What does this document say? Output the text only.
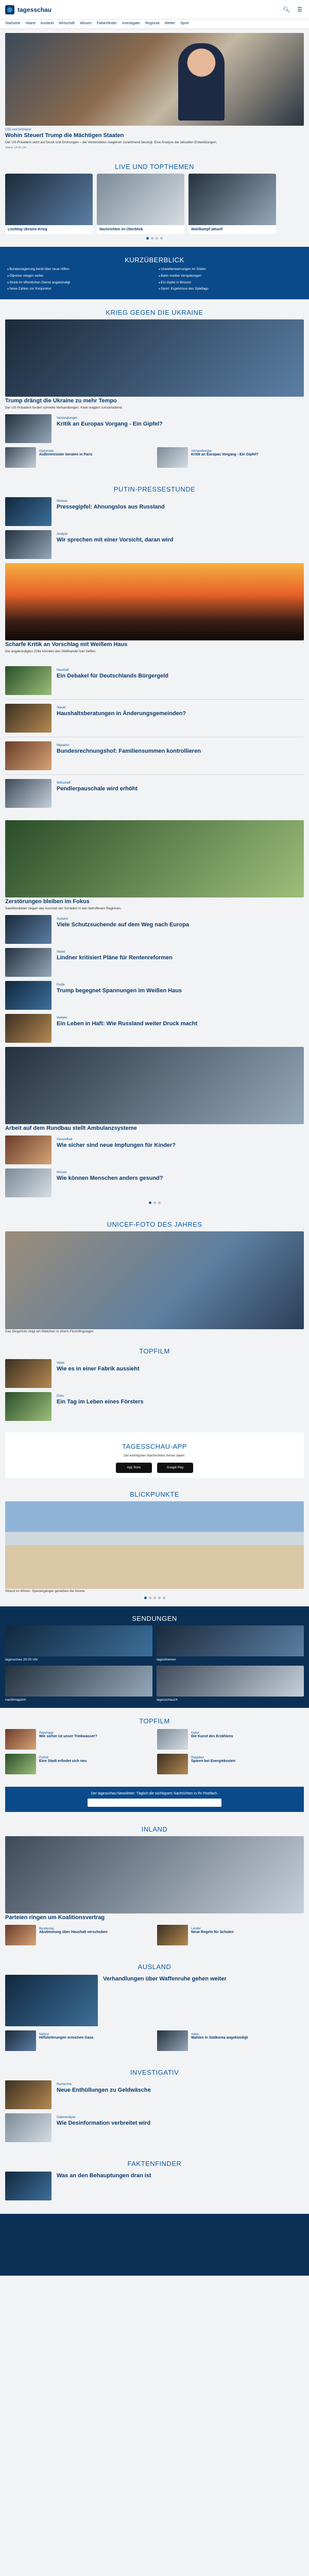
tagesschau	🔍︎ ☰
Startseite Inland Ausland Wirtschaft Wissen Faktenfinder Investigativ Regional Wetter Sport
USA und Grönland
Wohin Steuert Trump die Mächtigen Staaten
Der US-Präsident setzt auf Druck und Drohungen – die Verbündeten reagieren zunehmend besorgt. Eine Analyse der aktuellen Entwicklungen.
Stand: 14:32 Uhr
LIVE UND TOPTHEMEN
Liveblog Ukraine-Krieg	Nachrichten im Überblick	Wahlkampf aktuell
KURZÜBERBLICK
■ Bundesregierung berät über neue Hilfen
■ Ölpreise steigen weiter
■ Streik im öffentlichen Dienst angekündigt
■ Neue Zahlen zur Konjunktur
■ Unwetterwarnungen im Süden
■ Bahn meldet Verspätungen
■ EU-Gipfel in Brüssel
■ Sport: Ergebnisse des Spieltags
KRIEG GEGEN DIE UKRAINE
Trump drängt die Ukraine zu mehr Tempo
Der US-Präsident fordert schnelle Verhandlungen. Kiew reagiert zurückhaltend.
Verhandlungen
Kritik an Europas Vorgang - Ein Gipfel?
Diplomatie
Außenminister beraten in Paris
Verhandlungen
Kritik an Europas Vorgang - Ein Gipfel?
PUTIN-PRESSESTUNDE
Moskau
Pressegipfel: Ahnungslos aus Russland
Analyse
Wir sprechen mit einer Vorsicht, daran wird
Scharfe Kritik an Vorschlag mit Weißem Haus
Die angekündigten Zölle könnten den Welthandel hart treffen.
Haushalt
Ein Debakel für Deutschlands Bürgergeld
Steuer
Haushaltsberatungen in Änderungsgemeinden?
Migration
Bundesrechnungshof: Familiensummen kontrollieren
Wirtschaft
Pendlerpauschale wird erhöht
Zerstörungen bleiben im Fokus
Satellitenbilder zeigen das Ausmaß der Schäden in den betroffenen Regionen.
Ausland
Viele Schutzsuchende auf dem Weg nach Europa
Inland
Lindner kritisiert Pläne für Rentenreformen
Politik
Trump begegnet Spannungen im Weißen Haus
Verkehr
Ein Leben in Haft: Wie Russland weiter Druck macht
Arbeit auf dem Rundbau stellt Ambulanzsysteme
Gesundheit
Wie sicher sind neue Impfungen für Kinder?
Wissen
Wie können Menschen anders gesund?
UNICEF-FOTO DES JAHRES
Das Siegerfoto zeigt ein Mädchen in einem Flüchtlingslager.
TOPFILM
Video
Wie es in einer Fabrik aussieht
Doku
Ein Tag im Leben eines Försters
TAGESSCHAU-APP
Die wichtigsten Nachrichten immer dabei.
App Store	Google Play
BLICKPUNKTE
Strand im Winter: Spaziergänger genießen die Sonne.
SENDUNGEN
tagesschau 20:00 Uhr	tagesthemen
nachtmagazin	tagesschau24
TOPFILM
Reportage
Wie sicher ist unser Trinkwasser?
Kultur
Die Kunst des Erzählens
Porträt
Eine Stadt erfindet sich neu
Ratgeber
Sparen bei Energiekosten
Der tagesschau-Newsletter: Täglich die wichtigsten Nachrichten in Ihr Postfach.
INLAND
Parteien ringen um Koalitionsvertrag
Bundestag
Abstimmung über Haushalt verschoben
Länder
Neue Regeln für Schulen
AUSLAND
Verhandlungen über Waffenruhe gehen weiter
Nahost
Hilfslieferungen erreichen Gaza
Asien
Wahlen in Südkorea angekündigt
INVESTIGATIV
Recherche
Neue Enthüllungen zu Geldwäsche
Datenanalyse
Wie Desinformation verbreitet wird
FAKTENFINDER
Was an den Behauptungen dran ist
